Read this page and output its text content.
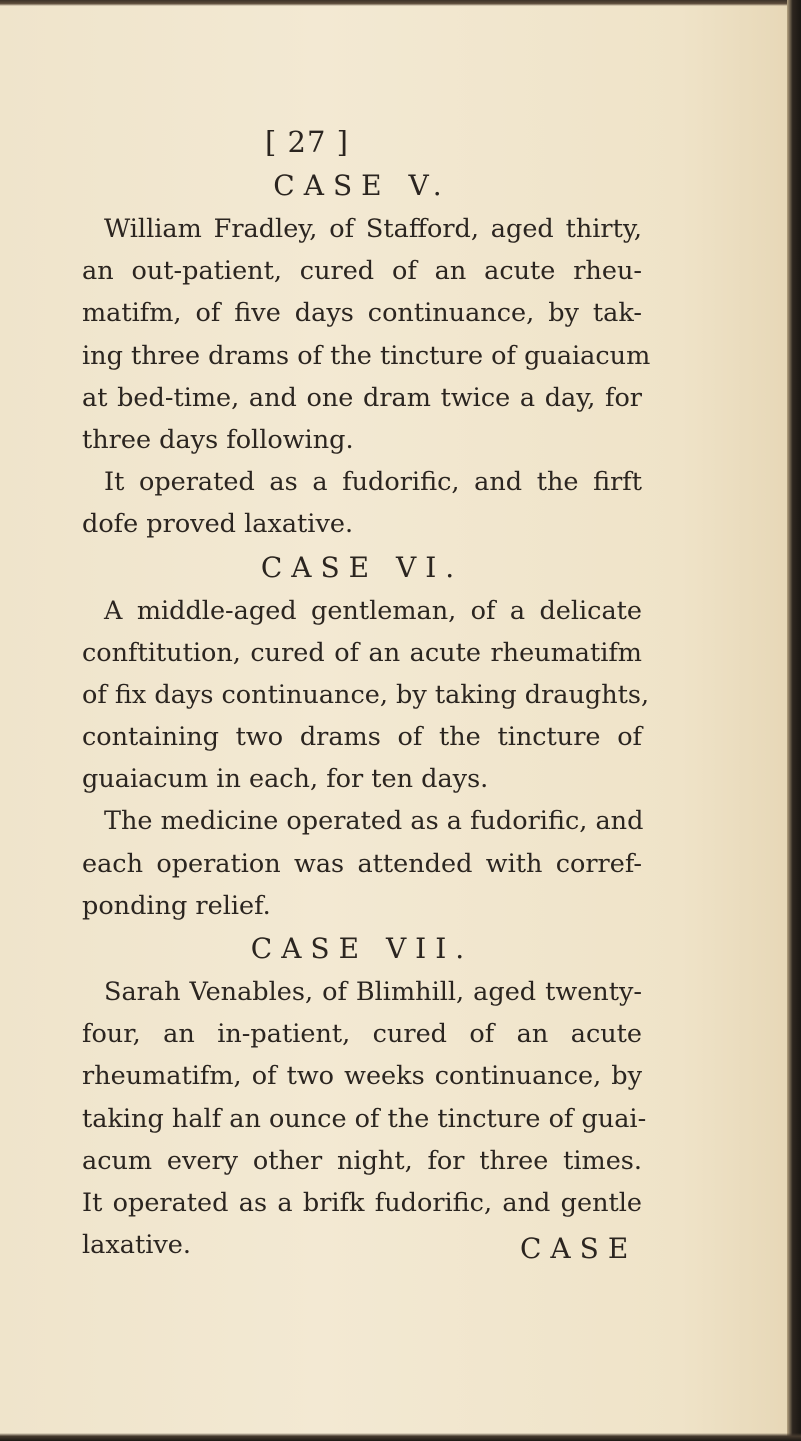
[ 27 ]
CASE V.
William Fradley, of Stafford, aged thirty,
an out-patient, cured of an acute rheu-
matifm, of five days continuance, by tak-
ing three drams of the tincture of guaiacum
at bed-time, and one dram twice a day, for
three days following.
It operated as a fudorific, and the firft
dofe proved laxative.
CASE VI.
A middle-aged gentleman, of a delicate
conftitution, cured of an acute rheumatifm
of fix days continuance, by taking draughts,
containing two drams of the tincture of
guaiacum in each, for ten days.
The medicine operated as a fudorific, and
each operation was attended with corref-
ponding relief.
CASE VII.
Sarah Venables, of Blimhill, aged twenty-
four, an in-patient, cured of an acute
rheumatifm, of two weeks continuance, by
taking half an ounce of the tincture of guai-
acum every other night, for three times.
It operated as a brifk fudorific, and gentle
laxative.	CASE
